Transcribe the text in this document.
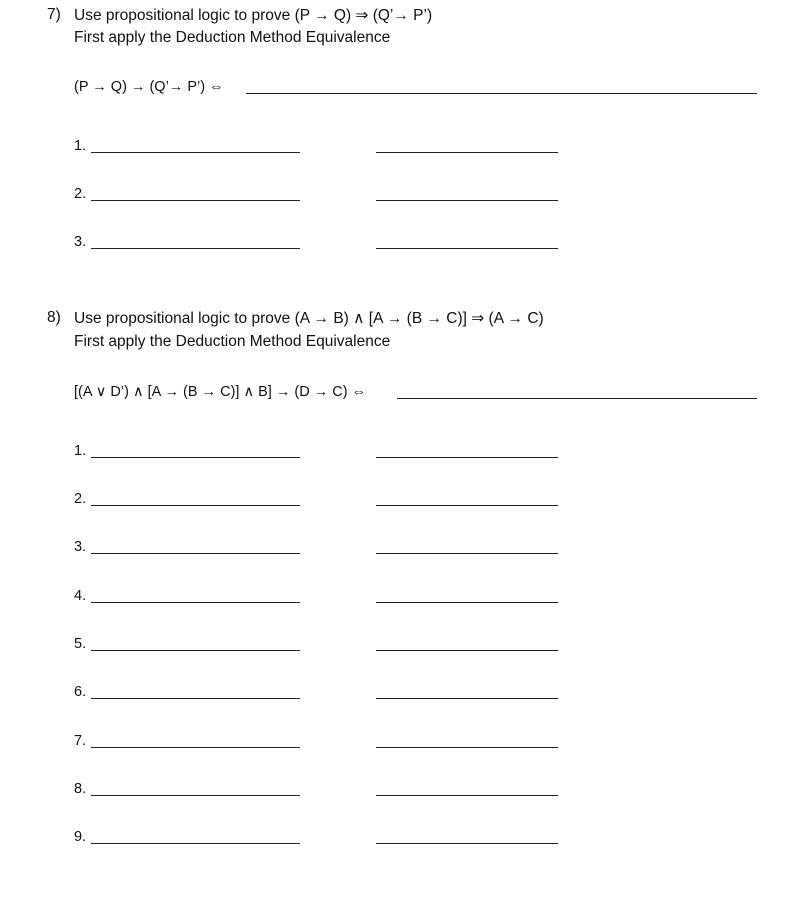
7) Use propositional logic to prove (P → Q) ⇒ (Q’→ P’)
First apply the Deduction Method Equivalence
(P → Q) → (Q’→ P’) ⇔
1.
2.
3.
8) Use propositional logic to prove (A → B) ∧ [A → (B → C)] ⇒ (A → C)
First apply the Deduction Method Equivalence
[(A ∨ D’) ∧ [A → (B → C)] ∧ B] → (D → C) ⇔
1.
2.
3.
4.
5.
6.
7.
8.
9.
